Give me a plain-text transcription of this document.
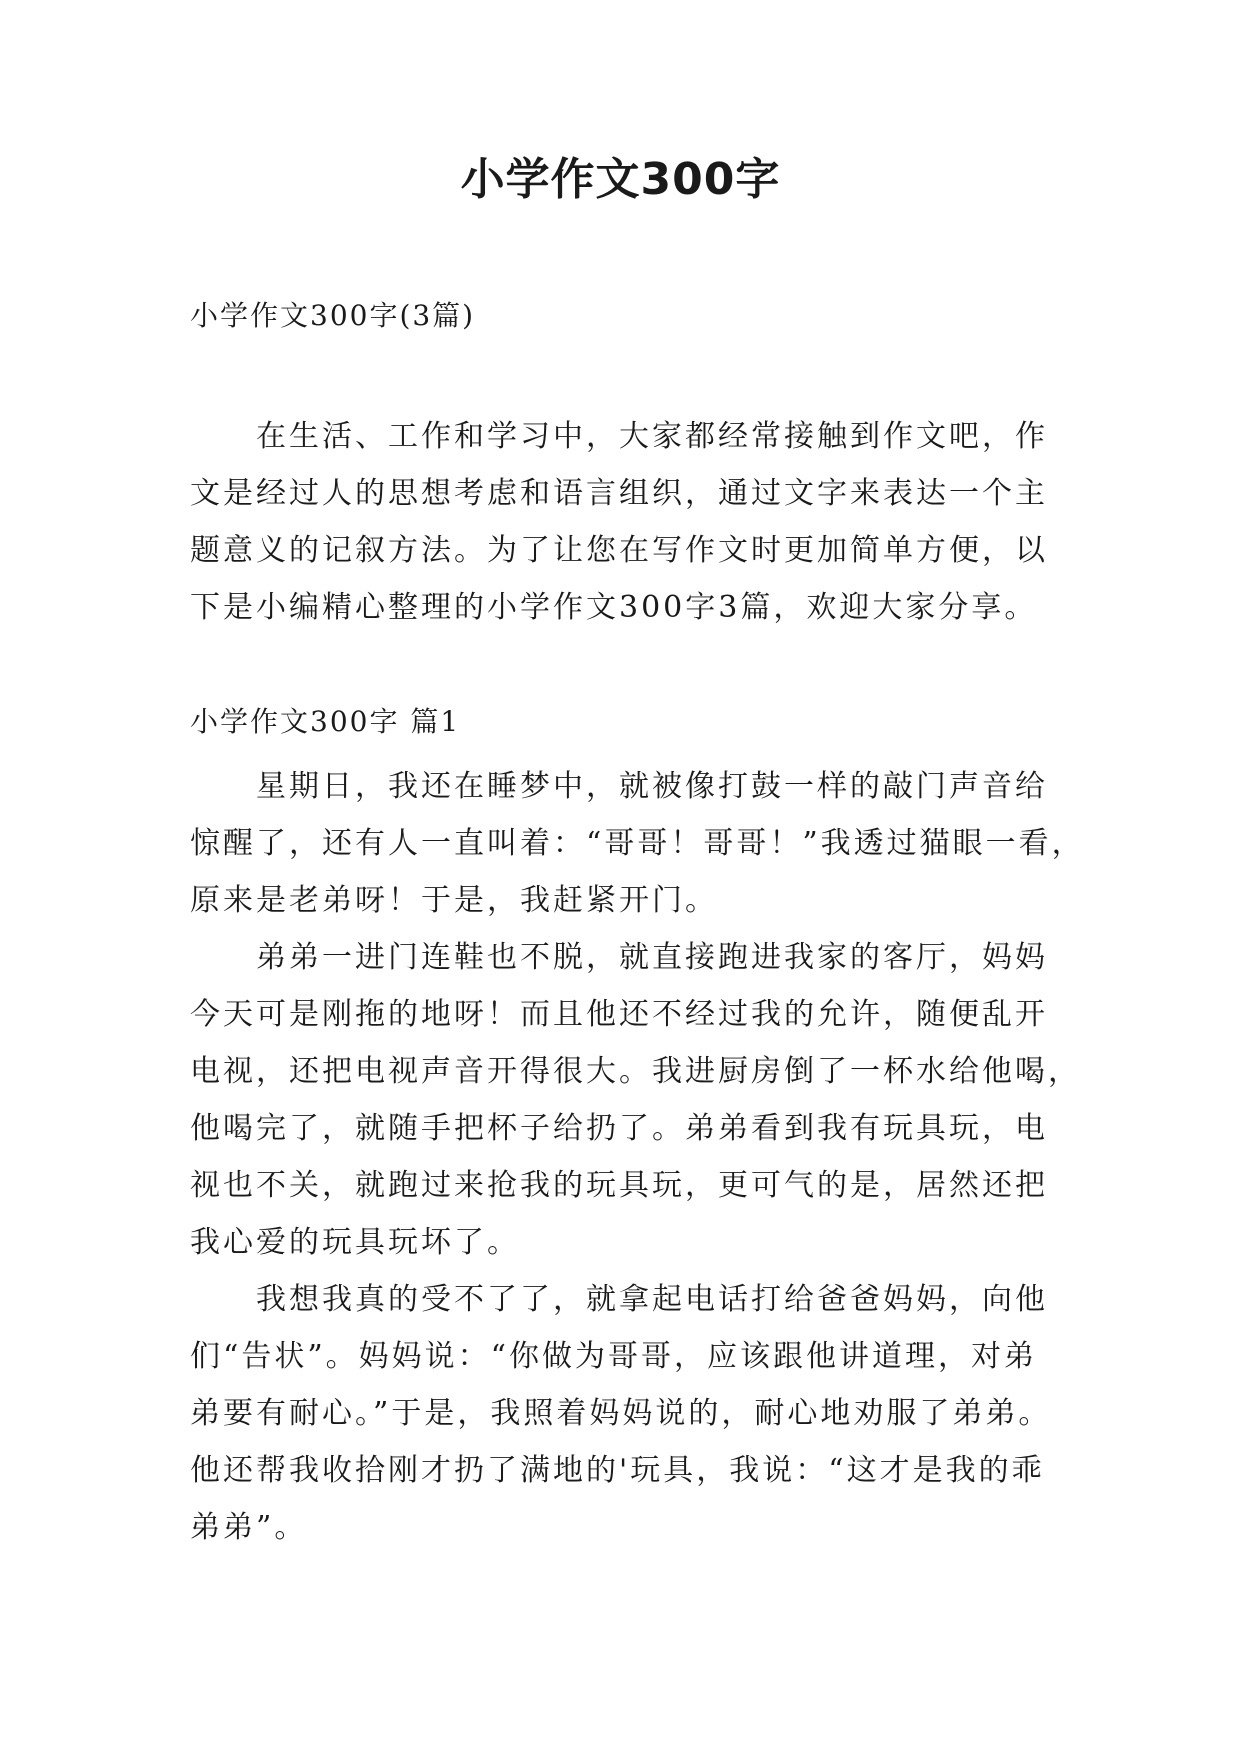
小学作文300字
小学作文300字(3篇)
在生活、工作和学习中，大家都经常接触到作文吧，作
文是经过人的思想考虑和语言组织，通过文字来表达一个主
题意义的记叙方法。为了让您在写作文时更加简单方便，以
下是小编精心整理的小学作文300字3篇，欢迎大家分享。
小学作文300字 篇1
星期日，我还在睡梦中，就被像打鼓一样的敲门声音给
惊醒了，还有人一直叫着：“哥哥！哥哥！”我透过猫眼一看，
原来是老弟呀！于是，我赶紧开门。
弟弟一进门连鞋也不脱，就直接跑进我家的客厅，妈妈
今天可是刚拖的地呀！而且他还不经过我的允许，随便乱开
电视，还把电视声音开得很大。我进厨房倒了一杯水给他喝，
他喝完了，就随手把杯子给扔了。弟弟看到我有玩具玩，电
视也不关，就跑过来抢我的玩具玩，更可气的是，居然还把
我心爱的玩具玩坏了。
我想我真的受不了了，就拿起电话打给爸爸妈妈，向他
们“告状”。妈妈说：“你做为哥哥，应该跟他讲道理，对弟
弟要有耐心。”于是，我照着妈妈说的，耐心地劝服了弟弟。
他还帮我收拾刚才扔了满地的'玩具，我说：“这才是我的乖
弟弟”。
